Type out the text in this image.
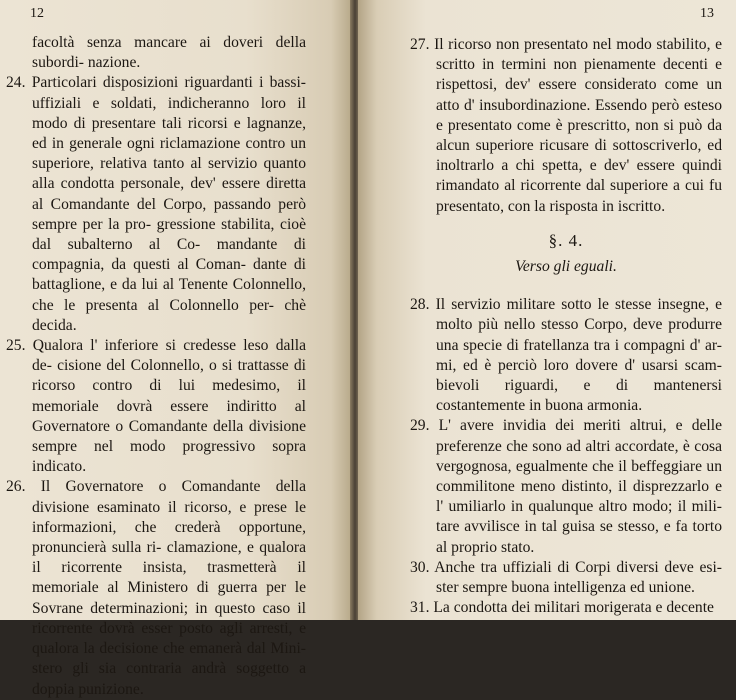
12

facoltà senza mancare ai doveri della subordi- nazione.

24. Particolari disposizioni riguardanti i bassi- uffiziali e soldati, indicheranno loro il modo di presentare tali ricorsi e lagnanze, ed in generale ogni riclamazione contro un superiore, relativa tanto al servizio quanto alla condotta personale, dev' essere diretta al Comandante del Corpo, passando però sempre per la pro- gressione stabilita, cioè dal subalterno al Co- mandante di compagnia, da questi al Coman- dante di battaglione, e da lui al Tenente Colonnello, che le presenta al Colonnello per- chè decida.

25. Qualora l' inferiore si credesse leso dalla de- cisione del Colonnello, o si trattasse di ricorso contro di lui medesimo, il memoriale dovrà essere indiritto al Governatore o Comandante della divisione sempre nel modo progressivo sopra indicato.

26. Il Governatore o Comandante della divisione esaminato il ricorso, e prese le informazioni, che crederà opportune, pronuncierà sulla ri- clamazione, e qualora il ricorrente insista, trasmetterà il memoriale al Ministero di guerra per le Sovrane determinazioni; in questo caso il ricorrente dovrà esser posto agli arresti, e qualora la decisione che emanerà dal Mini- stero gli sia contraria andrà soggetto a doppia punizione.

13

27. Il ricorso non presentato nel modo stabilito, e scritto in termini non pienamente decenti e rispettosi, dev' essere considerato come un atto d' insubordinazione. Essendo però esteso e presentato come è prescritto, non si può da alcun superiore ricusare di sottoscriverlo, ed inoltrarlo a chi spetta, e dev' essere quindi rimandato al ricorrente dal superiore a cui fu presentato, con la risposta in iscritto.

§. 4.
Verso gli eguali.

28. Il servizio militare sotto le stesse insegne, e molto più nello stesso Corpo, deve produrre una specie di fratellanza tra i compagni d' ar- mi, ed è perciò loro dovere d' usarsi scam- bievoli riguardi, e di mantenersi costantemente in buona armonia.

29. L' avere invidia dei meriti altrui, e delle preferenze che sono ad altri accordate, è cosa vergognosa, egualmente che il beffeggiare un commilitone meno distinto, il disprezzarlo e l' umiliarlo in qualunque altro modo; il mili- tare avvilisce in tal guisa se stesso, e fa torto al proprio stato.

30. Anche tra uffiziali di Corpi diversi deve esi- ster sempre buona intelligenza ed unione.

31. La condotta dei militari morigerata e decente
